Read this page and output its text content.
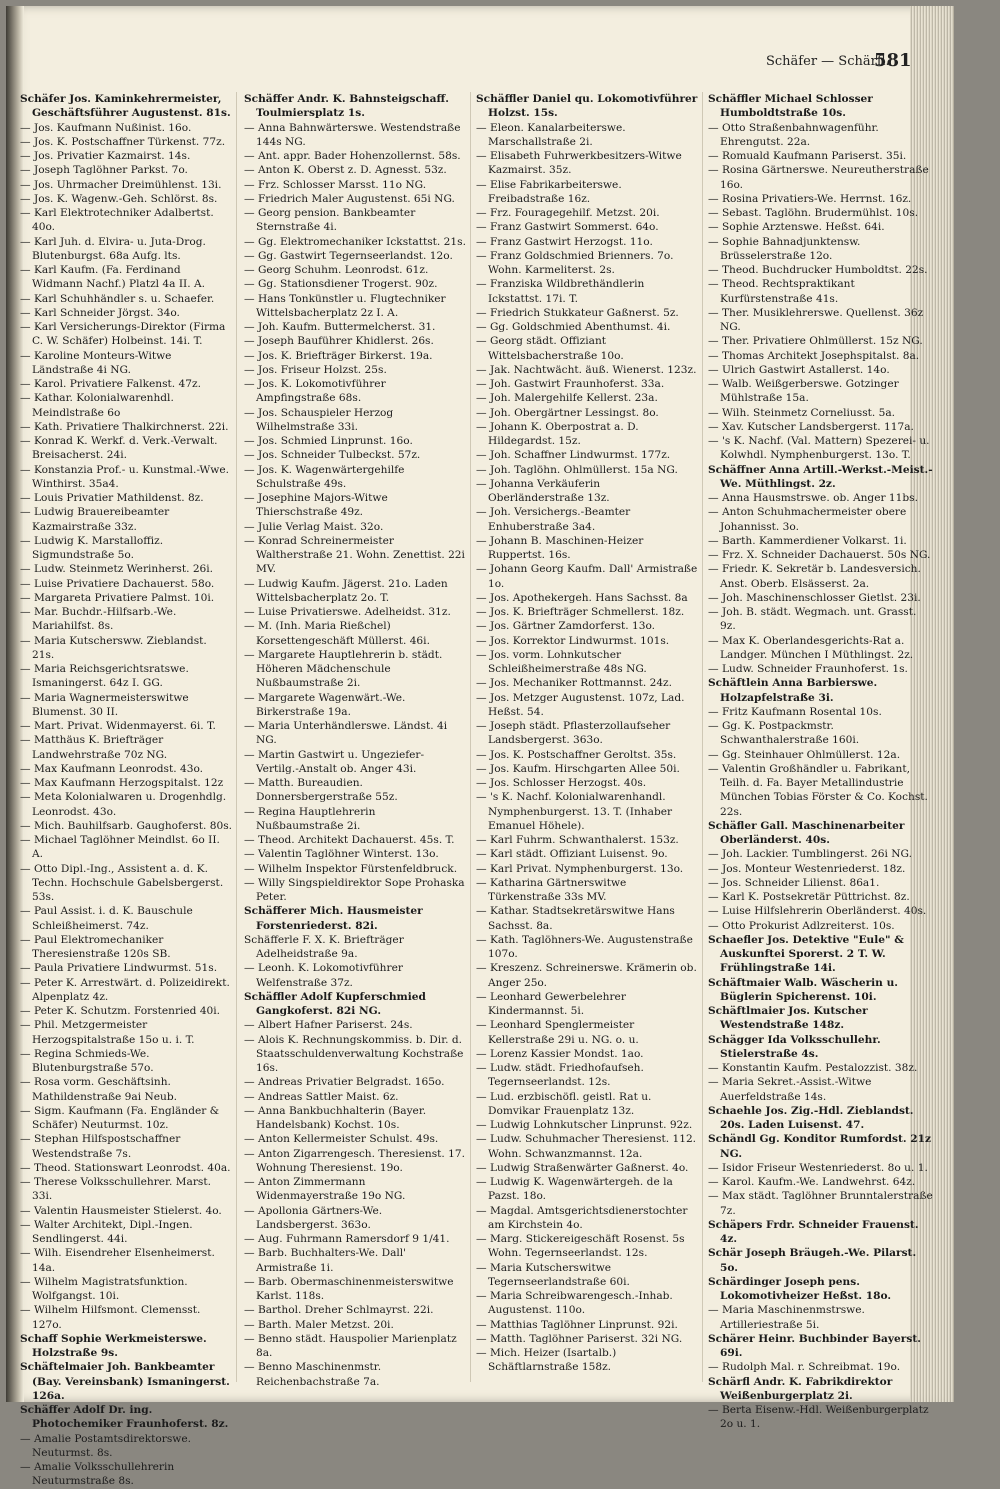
Schäfer — Schärfl.
581

Schäfer Jos. Kaminkehrermeister, Geschäftsführer Augustenst. 81s.

— Jos. Kaufmann Nußinist. 16o.

— Jos. K. Postschaffner Türkenst. 77z.

— Jos. Privatier Kazmairst. 14s.

— Joseph Taglöhner Parkst. 7o.

— Jos. Uhrmacher Dreimühlenst. 13i.

— Jos. K. Wagenw.-Geh. Schlörst. 8s.

— Karl Elektrotechniker Adalbertst. 40o.

— Karl Juh. d. Elvira- u. Juta-Drog. Blutenburgst. 68a Aufg. lts.

— Karl Kaufm. (Fa. Ferdinand Widmann Nachf.) Platzl 4a II. A.

— Karl Schuhhändler s. u. Schaefer.

— Karl Schneider Jörgst. 34o.

— Karl Versicherungs-Direktor (Firma C. W. Schäfer) Holbeinst. 14i. T.

— Karoline Monteurs-Witwe Ländstraße 4i NG.

— Karol. Privatiere Falkenst. 47z.

— Kathar. Kolonialwarenhdl. Meindlstraße 6o

— Kath. Privatiere Thalkirchnerst. 22i.

— Konrad K. Werkf. d. Verk.-Verwalt. Breisacherst. 24i.

— Konstanzia Prof.- u. Kunstmal.-Wwe. Winthirst. 35a4.

— Louis Privatier Mathildenst. 8z.

— Ludwig Brauereibeamter Kazmairstraße 33z.

— Ludwig K. Marstalloffiz. Sigmundstraße 5o.

— Ludw. Steinmetz Werinherst. 26i.

— Luise Privatiere Dachauerst. 58o.

— Margareta Privatiere Palmst. 10i.

— Mar. Buchdr.-Hilfsarb.-We. Mariahilfst. 8s.

— Maria Kutschersww. Zieblandst. 21s.

— Maria Reichsgerichtsratswe. Ismaningerst. 64z I. GG.

— Maria Wagnermeisterswitwe Blumenst. 30 II.

— Mart. Privat. Widenmayerst. 6i. T.

— Matthäus K. Briefträger Landwehrstraße 70z NG.

— Max Kaufmann Leonrodst. 43o.

— Max Kaufmann Herzogspitalst. 12z

— Meta Kolonialwaren u. Drogenhdlg. Leonrodst. 43o.

— Mich. Bauhilfsarb. Gaughoferst. 80s.

— Michael Taglöhner Meindlst. 6o II. A.

— Otto Dipl.-Ing., Assistent a. d. K. Techn. Hochschule Gabelsbergerst. 53s.

— Paul Assist. i. d. K. Bauschule Schleißheimerst. 74z.

— Paul Elektromechaniker Theresienstraße 120s SB.

— Paula Privatiere Lindwurmst. 51s.

— Peter K. Arrestwärt. d. Polizeidirekt. Alpenplatz 4z.

— Peter K. Schutzm. Forstenried 40i.

— Phil. Metzgermeister Herzogspitalstraße 15o u. i. T.

— Regina Schmieds-We. Blutenburgstraße 57o.

— Rosa vorm. Geschäftsinh. Mathildenstraße 9ai Neub.

— Sigm. Kaufmann (Fa. Engländer & Schäfer) Neuturmst. 10z.

— Stephan Hilfspostschaffner Westendstraße 7s.

— Theod. Stationswart Leonrodst. 40a.

— Therese Volksschullehrer. Marst. 33i.

— Valentin Hausmeister Stielerst. 4o.

— Walter Architekt, Dipl.-Ingen. Sendlingerst. 44i.

— Wilh. Eisendreher Elsenheimerst. 14a.

— Wilhelm Magistratsfunktion. Wolfgangst. 10i.

— Wilhelm Hilfsmont. Clemensst. 127o.

Schaff Sophie Werkmeisterswe. Holzstraße 9s.

Schäftelmaier Joh. Bankbeamter (Bay. Vereinsbank) Ismaningerst. 126a.

Schäffer Adolf Dr. ing. Photochemiker Fraunhoferst. 8z.

— Amalie Postamtsdirektorswe. Neuturmst. 8s.

— Amalie Volksschullehrerin Neuturmstraße 8s.

Schäffer Andr. K. Bahnsteigschaff. Toulmiersplatz 1s.

— Anna Bahnwärterswe. Westendstraße 144s NG.

— Ant. appr. Bader Hohenzollernst. 58s.

— Anton K. Oberst z. D. Agnesst. 53z.

— Frz. Schlosser Marsst. 11o NG.

— Friedrich Maler Augustenst. 65i NG.

— Georg pension. Bankbeamter Sternstraße 4i.

— Gg. Elektromechaniker Ickstattst. 21s.

— Gg. Gastwirt Tegernseerlandst. 12o.

— Georg Schuhm. Leonrodst. 61z.

— Gg. Stationsdiener Trogerst. 90z.

— Hans Tonkünstler u. Flugtechniker Wittelsbacherplatz 2z I. A.

— Joh. Kaufm. Buttermelcherst. 31.

— Joseph Bauführer Khidlerst. 26s.

— Jos. K. Briefträger Birkerst. 19a.

— Jos. Friseur Holzst. 25s.

— Jos. K. Lokomotivführer Ampfingstraße 68s.

— Jos. Schauspieler Herzog Wilhelmstraße 33i.

— Jos. Schmied Linprunst. 16o.

— Jos. Schneider Tulbeckst. 57z.

— Jos. K. Wagenwärtergehilfe Schulstraße 49s.

— Josephine Majors-Witwe Thierschstraße 49z.

— Julie Verlag Maist. 32o.

— Konrad Schreinermeister Waltherstraße 21. Wohn. Zenettist. 22i MV.

— Ludwig Kaufm. Jägerst. 21o. Laden Wittelsbacherplatz 2o. T.

— Luise Privatierswe. Adelheidst. 31z.

— M. (Inh. Maria Rießchel) Korsettengeschäft Müllerst. 46i.

— Margarete Hauptlehrerin b. städt. Höheren Mädchenschule Nußbaumstraße 2i.

— Margarete Wagenwärt.-We. Birkerstraße 19a.

— Maria Unterhändlerswe. Ländst. 4i NG.

— Martin Gastwirt u. Ungeziefer-Vertilg.-Anstalt ob. Anger 43i.

— Matth. Bureaudien. Donnersbergerstraße 55z.

— Regina Hauptlehrerin Nußbaumstraße 2i.

— Theod. Architekt Dachauerst. 45s. T.

— Valentin Taglöhner Winterst. 13o.

— Wilhelm Inspektor Fürstenfeldbruck.

— Willy Singspieldirektor Sope Prohaska Peter.

Schäfferer Mich. Hausmeister Forstenriederst. 82i.

Schäfferle F. X. K. Briefträger Adelheidstraße 9a.

— Leonh. K. Lokomotivführer Welfenstraße 37z.

Schäffler Adolf Kupferschmied Gangkoferst. 82i NG.

— Albert Hafner Pariserst. 24s.

— Alois K. Rechnungskommiss. b. Dir. d. Staatsschuldenverwaltung Kochstraße 16s.

— Andreas Privatier Belgradst. 165o.

— Andreas Sattler Maist. 6z.

— Anna Bankbuchhalterin (Bayer. Handelsbank) Kochst. 10s.

— Anton Kellermeister Schulst. 49s.

— Anton Zigarrengesch. Theresienst. 17. Wohnung Theresienst. 19o.

— Anton Zimmermann Widenmayerstraße 19o NG.

— Apollonia Gärtners-We. Landsbergerst. 363o.

— Aug. Fuhrmann Ramersdorf 9 1/41.

— Barb. Buchhalters-We. Dall' Armistraße 1i.

— Barb. Obermaschinenmeisterswitwe Karlst. 118s.

— Barthol. Dreher Schlmayrst. 22i.

— Barth. Maler Metzst. 20i.

— Benno städt. Hauspolier Marienplatz 8a.

— Benno Maschinenmstr. Reichenbachstraße 7a.

Schäffler Daniel qu. Lokomotivführer Holzst. 15s.

— Eleon. Kanalarbeiterswe. Marschallstraße 2i.

— Elisabeth Fuhrwerkbesitzers-Witwe Kazmairst. 35z.

— Elise Fabrikarbeiterswe. Freibadstraße 16z.

— Frz. Fouragegehilf. Metzst. 20i.

— Franz Gastwirt Sommerst. 64o.

— Franz Gastwirt Herzogst. 11o.

— Franz Goldschmied Brienners. 7o. Wohn. Karmeliterst. 2s.

— Franziska Wildbrethändlerin Ickstattst. 17i. T.

— Friedrich Stukkateur Gaßnerst. 5z.

— Gg. Goldschmied Abenthumst. 4i.

— Georg städt. Offiziant Wittelsbacherstraße 10o.

— Jak. Nachtwächt. äuß. Wienerst. 123z.

— Joh. Gastwirt Fraunhoferst. 33a.

— Joh. Malergehilfe Kellerst. 23a.

— Joh. Obergärtner Lessingst. 8o.

— Johann K. Oberpostrat a. D. Hildegardst. 15z.

— Joh. Schaffner Lindwurmst. 177z.

— Joh. Taglöhn. Ohlmüllerst. 15a NG.

— Johanna Verkäuferin Oberländerstraße 13z.

— Joh. Versichergs.-Beamter Enhuberstraße 3a4.

— Johann B. Maschinen-Heizer Ruppertst. 16s.

— Johann Georg Kaufm. Dall' Armistraße 1o.

— Jos. Apothekergeh. Hans Sachsst. 8a

— Jos. K. Briefträger Schmellerst. 18z.

— Jos. Gärtner Zamdorferst. 13o.

— Jos. Korrektor Lindwurmst. 101s.

— Jos. vorm. Lohnkutscher Schleißheimerstraße 48s NG.

— Jos. Mechaniker Rottmannst. 24z.

— Jos. Metzger Augustenst. 107z, Lad. Heßst. 54.

— Joseph städt. Pflasterzollaufseher Landsbergerst. 363o.

— Jos. K. Postschaffner Geroltst. 35s.

— Jos. Kaufm. Hirschgarten Allee 50i.

— Jos. Schlosser Herzogst. 40s.

— 's K. Nachf. Kolonialwarenhandl. Nymphenburgerst. 13. T. (Inhaber Emanuel Höhele).

— Karl Fuhrm. Schwanthalerst. 153z.

— Karl städt. Offiziant Luisenst. 9o.

— Karl Privat. Nymphenburgerst. 13o.

— Katharina Gärtnerswitwe Türkenstraße 33s MV.

— Kathar. Stadtsekretärswitwe Hans Sachsst. 8a.

— Kath. Taglöhners-We. Augustenstraße 107o.

— Kreszenz. Schreinerswe. Krämerin ob. Anger 25o.

— Leonhard Gewerbelehrer Kindermannst. 5i.

— Leonhard Spenglermeister Kellerstraße 29i u. NG. o. u.

— Lorenz Kassier Mondst. 1ao.

— Ludw. städt. Friedhofaufseh. Tegernseerlandst. 12s.

— Lud. erzbischöfl. geistl. Rat u. Domvikar Frauenplatz 13z.

— Ludwig Lohnkutscher Linprunst. 92z.

— Ludw. Schuhmacher Theresienst. 112. Wohn. Schwanzmannst. 12a.

— Ludwig Straßenwärter Gaßnerst. 4o.

— Ludwig K. Wagenwärtergeh. de la Pazst. 18o.

— Magdal. Amtsgerichtsdienerstochter am Kirchstein 4o.

— Marg. Stickereigeschäft Rosenst. 5s Wohn. Tegernseerlandst. 12s.

— Maria Kutscherswitwe Tegernseerlandstraße 60i.

— Maria Schreibwarengesch.-Inhab. Augustenst. 110o.

— Matthias Taglöhner Linprunst. 92i.

— Matth. Taglöhner Pariserst. 32i NG.

— Mich. Heizer (Isartalb.) Schäftlarnstraße 158z.

Schäffler Michael Schlosser Humboldtstraße 10s.

— Otto Straßenbahnwagenführ. Ehrengutst. 22a.

— Romuald Kaufmann Pariserst. 35i.

— Rosina Gärtnerswe. Neureutherstraße 16o.

— Rosina Privatiers-We. Herrnst. 16z.

— Sebast. Taglöhn. Brudermühlst. 10s.

— Sophie Arztenswe. Heßst. 64i.

— Sophie Bahnadjunktensw. Brüsselerstraße 12o.

— Theod. Buchdrucker Humboldtst. 22s.

— Theod. Rechtspraktikant Kurfürstenstraße 41s.

— Ther. Musiklehrerswe. Quellenst. 36z NG.

— Ther. Privatiere Ohlmüllerst. 15z NG.

— Thomas Architekt Josephspitalst. 8a.

— Ulrich Gastwirt Astallerst. 14o.

— Walb. Weißgerberswe. Gotzinger Mühlstraße 15a.

— Wilh. Steinmetz Corneliusst. 5a.

— Xav. Kutscher Landsbergerst. 117a.

— 's K. Nachf. (Val. Mattern) Spezerei- u. Kolwhdl. Nymphenburgerst. 13o. T.

Schäffner Anna Artill.-Werkst.-Meist.-We. Müthlingst. 2z.

— Anna Hausmstrswe. ob. Anger 11bs.

— Anton Schuhmachermeister obere Johannisst. 3o.

— Barth. Kammerdiener Volkarst. 1i.

— Frz. X. Schneider Dachauerst. 50s NG.

— Friedr. K. Sekretär b. Landesversich. Anst. Oberb. Elsässerst. 2a.

— Joh. Maschinenschlosser Gietlst. 23i.

— Joh. B. städt. Wegmach. unt. Grasst. 9z.

— Max K. Oberlandesgerichts-Rat a. Landger. München I Müthlingst. 2z.

— Ludw. Schneider Fraunhoferst. 1s.

Schäftlein Anna Barbierswe. Holzapfelstraße 3i.

— Fritz Kaufmann Rosental 10s.

— Gg. K. Postpackmstr. Schwanthalerstraße 160i.

— Gg. Steinhauer Ohlmüllerst. 12a.

— Valentin Großhändler u. Fabrikant, Teilh. d. Fa. Bayer Metallindustrie München Tobias Förster & Co. Kochst. 22s.

Schäfler Gall. Maschinenarbeiter Oberländerst. 40s.

— Joh. Lackier. Tumblingerst. 26i NG.

— Jos. Monteur Westenriederst. 18z.

— Jos. Schneider Lilienst. 86a1.

— Karl K. Postsekretär Püttrichst. 8z.

— Luise Hilfslehrerin Oberländerst. 40s.

— Otto Prokurist Adlzreiterst. 10s.

Schaefler Jos. Detektive "Eule" & Auskunftei Sporerst. 2 T. W. Frühlingstraße 14i.

Schäftmaier Walb. Wäscherin u. Büglerin Spicherenst. 10i.

Schäftlmaier Jos. Kutscher Westendstraße 148z.

Schägger Ida Volksschullehr. Stielerstraße 4s.

— Konstantin Kaufm. Pestalozzist. 38z.

— Maria Sekret.-Assist.-Witwe Auerfeldstraße 14s.

Schaehle Jos. Zig.-Hdl. Zieblandst. 20s. Laden Luisenst. 47.

Schändl Gg. Konditor Rumfordst. 21z NG.

— Isidor Friseur Westenriederst. 8o u. 1.

— Karol. Kaufm.-We. Landwehrst. 64z.

— Max städt. Taglöhner Brunntalerstraße 7z.

Schäpers Frdr. Schneider Frauenst. 4z.

Schär Joseph Bräugeh.-We. Pilarst. 5o.

Schärdinger Joseph pens. Lokomotivheizer Heßst. 18o.

— Maria Maschinenmstrswe. Artilleriestraße 5i.

Schärer Heinr. Buchbinder Bayerst. 69i.

— Rudolph Mal. r. Schreibmat. 19o.

Schärfl Andr. K. Fabrikdirektor Weißenburgerplatz 2i.

— Berta Eisenw.-Hdl. Weißenburgerplatz 2o u. 1.
